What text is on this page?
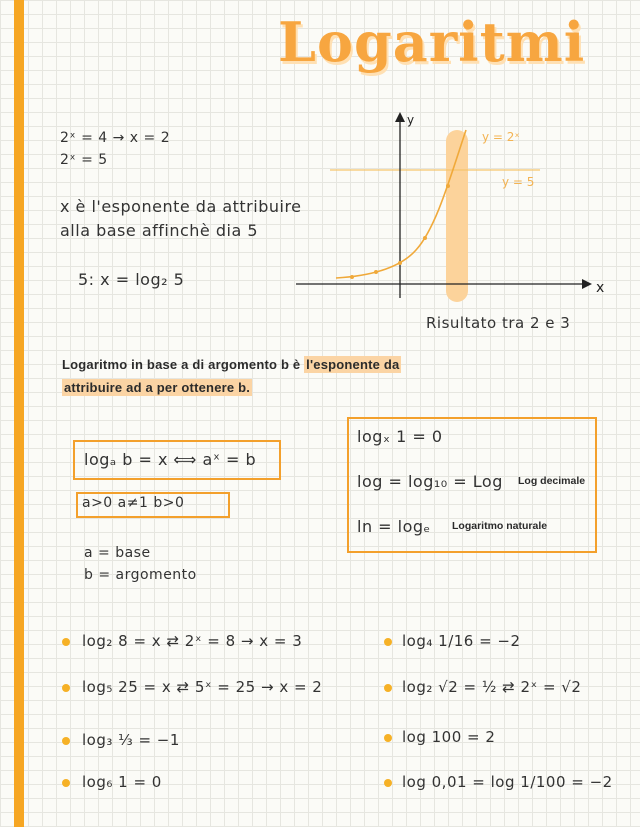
Logaritmi
2ˣ = 4 → x = 2
2ˣ = 5
x è l'esponente da attribuire
alla base affinchè dia 5
5: x = log₂ 5
y
x
y = 2ˣ
y = 5
Risultato tra 2 e 3
Logaritmo in base a di argomento b è l'esponente da
attribuire ad a per ottenere b.
logₐ b = x ⟺ aˣ = b
a>0 a≠1 b>0
a = base
b = argomento
logₓ 1 = 0
log = log₁₀ = Log Log decimale
ln = logₑ Logaritmo naturale
log₂ 8 = x ⇄ 2ˣ = 8 → x = 3
log₅ 25 = x ⇄ 5ˣ = 25 → x = 2
log₃ ⅓ = −1
log₆ 1 = 0
log₄ 1/16 = −2
log₂ √2 = ½ ⇄ 2ˣ = √2
log 100 = 2
log 0,01 = log 1/100 = −2
